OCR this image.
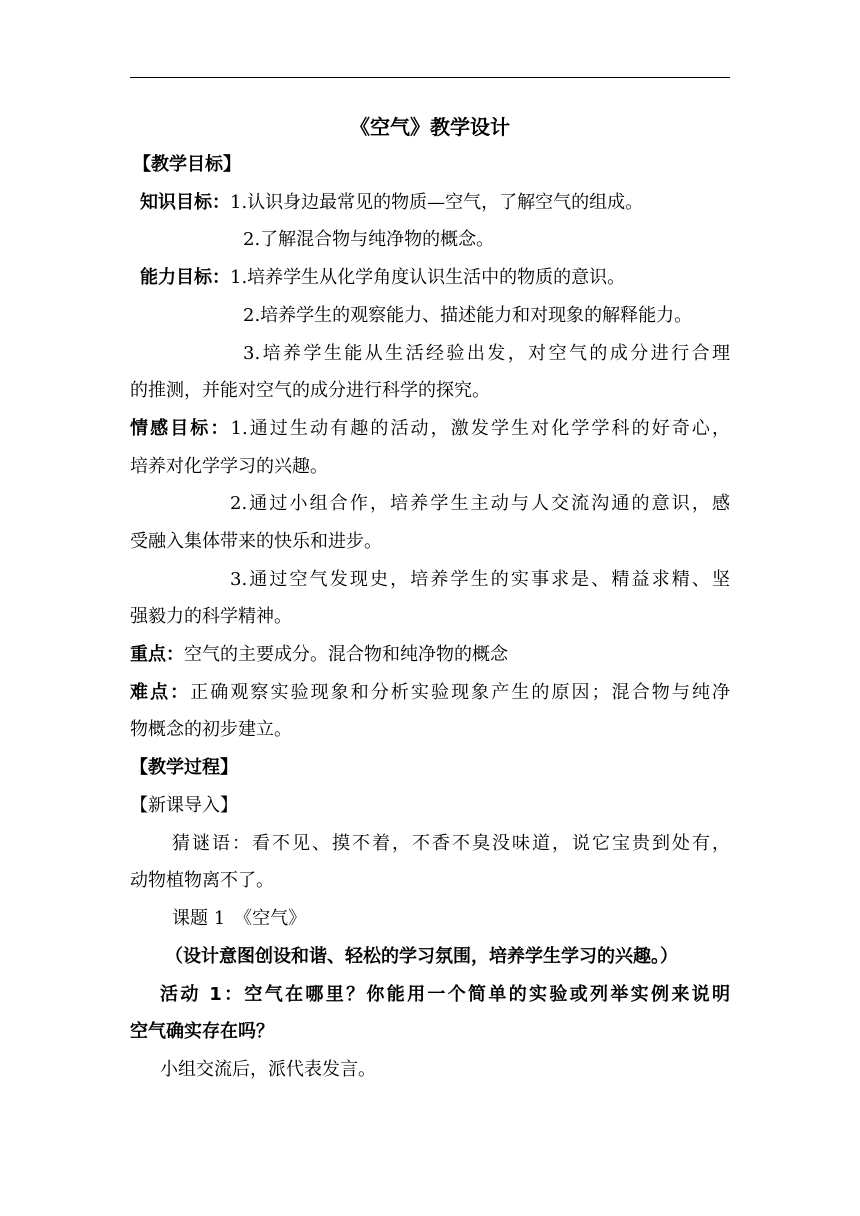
《空气》教学设计
【教学目标】
知识目标：1.认识身边最常见的物质—空气，了解空气的组成。
2.了解混合物与纯净物的概念。
能力目标：1.培养学生从化学角度认识生活中的物质的意识。
2.培养学生的观察能力、描述能力和对现象的解释能力。
3.培养学生能从生活经验出发，对空气的成分进行合理
的推测，并能对空气的成分进行科学的探究。
情感目标：1.通过生动有趣的活动，激发学生对化学学科的好奇心，
培养对化学学习的兴趣。
2.通过小组合作，培养学生主动与人交流沟通的意识，感
受融入集体带来的快乐和进步。
3.通过空气发现史，培养学生的实事求是、精益求精、坚
强毅力的科学精神。
重点：空气的主要成分。混合物和纯净物的概念
难点：正确观察实验现象和分析实验现象产生的原因；混合物与纯净
物概念的初步建立。
【教学过程】
【新课导入】
猜谜语：看不见、摸不着，不香不臭没味道，说它宝贵到处有，
动物植物离不了。
课题 1　《空气》
（设计意图创设和谐、轻松的学习氛围，培养学生学习的兴趣。）
活动 1：空气在哪里？你能用一个简单的实验或列举实例来说明
空气确实存在吗？
小组交流后，派代表发言。
